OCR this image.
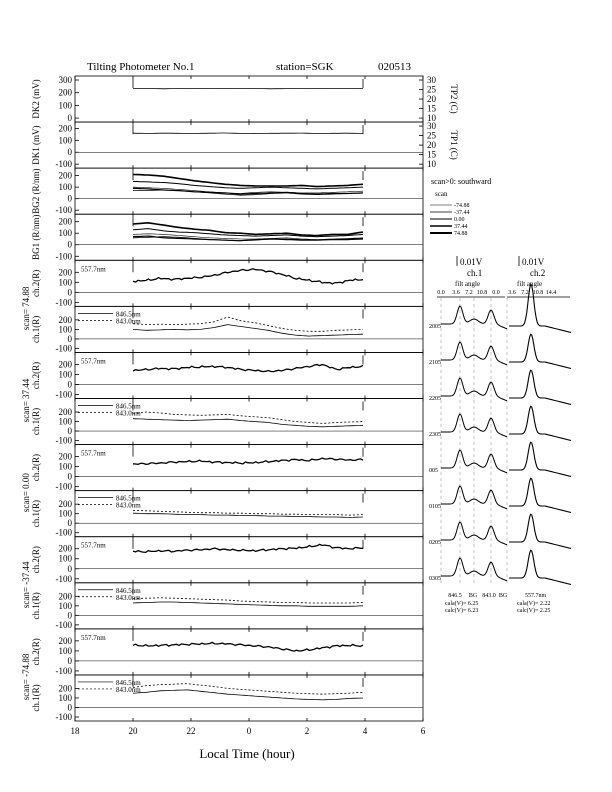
Tilting Photometer No.1	station=SGK	020513
0
100
200
300
DK2 (mV)	10
15
20
25
30
TP2 (C)
-100
0
100
200
DK1 (mV)	10
15
20
25
30
TP1 (C)
-100
0
100
200
BG2 (R/nm)
-100
0
100
200
BG1 (R/nm)
-100
0
100
200
ch.2(R)
scan= 74.88
557.7nm
-100
0
100
200
ch.1(R)
846.5nm
843.0nm
-100
0
100
200
ch.2(R)
scan= 37.44
557.7nm
-100
0
100
200
ch.1(R)
846.5nm
843.0nm
-100
0
100
200
ch.2(R)
scan= 0.00
557.7nm
-100
0
100
200
ch.1(R)
846.5nm
843.0nm
-100
0
100
200
ch.2(R)
scan= -37.44
557.7nm
-100
0
100
200
ch.1(R)
846.5nm
843.0nm
-100
0
100
200
ch.2(R)
scan= -74.88
557.7nm
-100
0
100
200
ch.1(R)
846.5nm
843.0nm
18	20	22	0	2	4	6
Local Time (hour)
scan>0: southward
scan
-74.88
-37.44
0.00
37.44
74.88
0.01V	0.01V
ch.1	ch.2
filt angle	filt angle
0.0 3.6 7.2 10.8 0.0 3.6 7.2 10.8 14.4
2005
2105
2205
2305
005
0105
0205
0305
846.5 BG 843.0 BG	557.7nm
cala(V)= 6.25
calc(V)= 6.23
cala(V)= 2.22
calc(V)= 2.25
